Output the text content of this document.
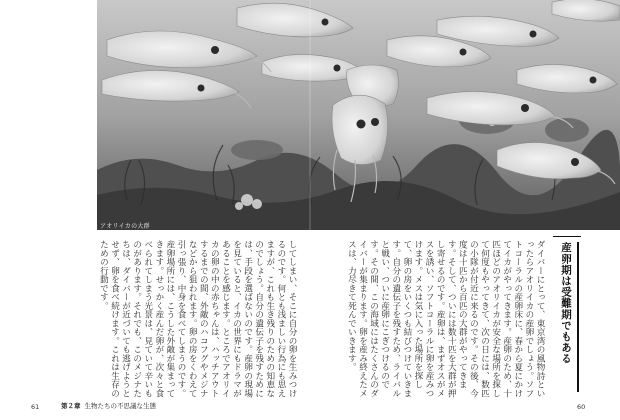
アオリイカの大群
産卵期は受難期でもある
ダイバーにとって、東京湾の風物詩といったらアオリイカの産卵でしょう。ソフトコーラルの産卵床に、春から夏にかけてイカがやってきます。産卵のため、十匹ほどのアオリイカが安全な場所を探して何度もやってきて、次の日には、数匹の小隊が付近に来るのです。その後、今度は十匹から百匹の大群がやってきます。そして、ついには数十匹を大群が押し寄せるのです。産卵は、まずオスがメスを誘い、ソフトコーラルに卵を産みつけます。メスは気に入った場所を探して、卵の房をいくつも結びつけていきます。自分の遺伝子を残すため、ライバルと戦い、ついに産卵にこぎつけるのです。その間、この海域にはたくさんのダイバーが集まります。卵を産み終えたメスは、力尽きて死んでいきます。
してしまい、そこに自分の卵を生みつけるのです。何とも浅ましい行為にも思えますが、これも生き残りのための知恵なのでしょう。自分の遺伝子を残すためには、手段を選ばないのです。産卵の現場を見ていると、イカの世界にもドラマがあることを感じます。ところでアオリイカの卵の中の赤ちゃんは、ハッチアウトするまでの間、外敵のハコフグやメジナなどから狙われます。卵の房をくわえて引っ張り、中身を食べてしまうのです。産卵場所には、こうした外敵が集まってきます。せっかく産んだ卵が、次々と食べられてしまう光景は、見ていて辛いものがあります。それでも、このメジナたちは、ダイバーが近づいても逃げようとせず、卵を食べ続けます。これは生存のための行動です。
61	第２章 生物たちの不思議な生態	60
